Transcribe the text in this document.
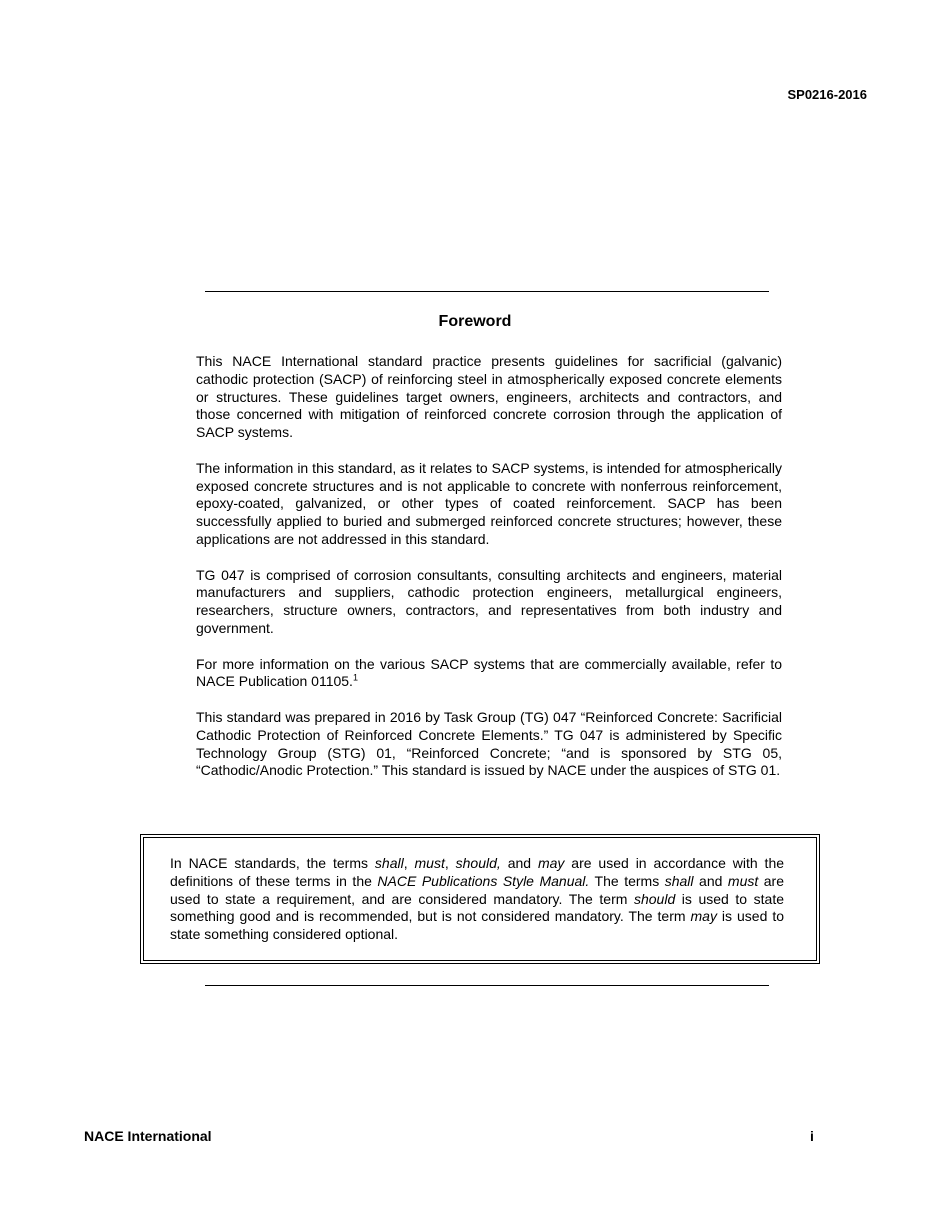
SP0216-2016
Foreword

This NACE International standard practice presents guidelines for sacrificial (galvanic) cathodic protection (SACP) of reinforcing steel in atmospherically exposed concrete elements or structures. These guidelines target owners, engineers, architects and contractors, and those concerned with mitigation of reinforced concrete corrosion through the application of SACP systems.

The information in this standard, as it relates to SACP systems, is intended for atmospherically exposed concrete structures and is not applicable to concrete with nonferrous reinforcement, epoxy-coated, galvanized, or other types of coated reinforcement. SACP has been successfully applied to buried and submerged reinforced concrete structures; however, these applications are not addressed in this standard.

TG 047 is comprised of corrosion consultants, consulting architects and engineers, material manufacturers and suppliers, cathodic protection engineers, metallurgical engineers, researchers, structure owners, contractors, and representatives from both industry and government.

For more information on the various SACP systems that are commercially available, refer to NACE Publication 01105.$^1$

This standard was prepared in 2016 by Task Group (TG) 047 “Reinforced Concrete: Sacrificial Cathodic Protection of Reinforced Concrete Elements.” TG 047 is administered by Specific Technology Group (STG) 01, “Reinforced Concrete; “and is sponsored by STG 05, “Cathodic/Anodic Protection.” This standard is issued by NACE under the auspices of STG 01.

In NACE standards, the terms shall, must, should, and may are used in accordance with the definitions of these terms in the NACE Publications Style Manual. The terms shall and must are used to state a requirement, and are considered mandatory. The term should is used to state something good and is recommended, but is not considered mandatory. The term may is used to state something considered optional.
NACE International	i
